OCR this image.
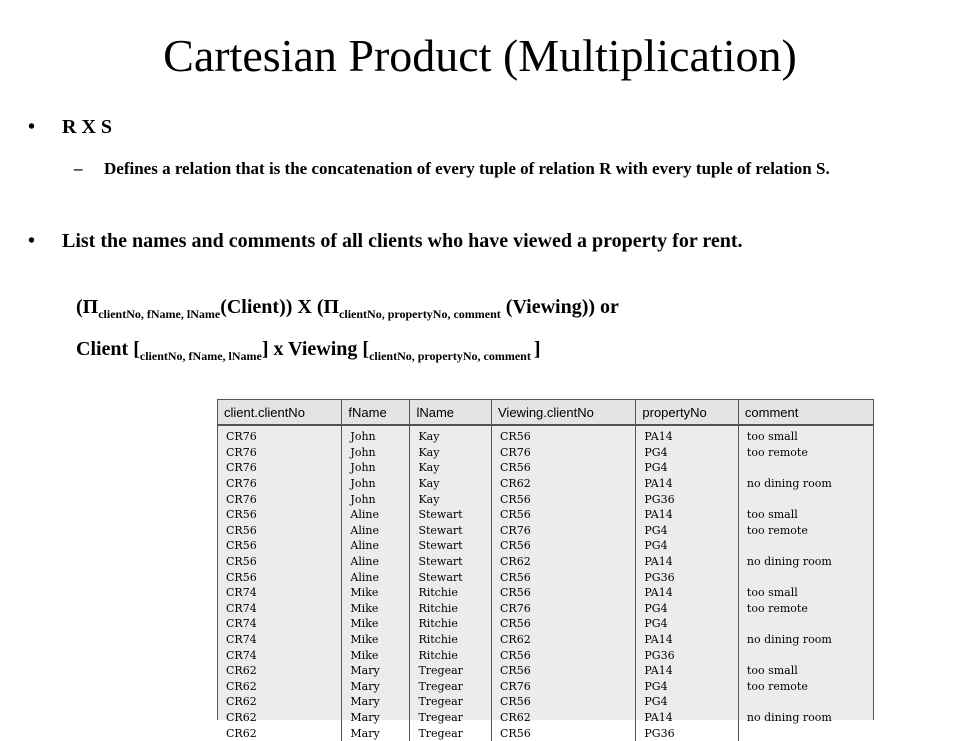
Cartesian Product (Multiplication)
• R X S
– Defines a relation that is the concatenation of every tuple of relation R with every tuple of relation S.
• List the names and comments of all clients who have viewed a property for rent.
$(\Pi_{clientNo, fName, lName}(Client))$ X ($\Pi_{clientNo, propertyNo, comment}$ (Viewing)) or
Client $[_{clientNo, fName, lName}]$ x Viewing [$_{clientNo, propertyNo, comment}$ ]
client.clientNo	fName	lName	Viewing.clientNo	propertyNo	comment
CR76	John	Kay	CR56	PA14	too small
CR76	John	Kay	CR76	PG4	too remote
CR76	John	Kay	CR56	PG4	
CR76	John	Kay	CR62	PA14	no dining room
CR76	John	Kay	CR56	PG36	
CR56	Aline	Stewart	CR56	PA14	too small
CR56	Aline	Stewart	CR76	PG4	too remote
CR56	Aline	Stewart	CR56	PG4	
CR56	Aline	Stewart	CR62	PA14	no dining room
CR56	Aline	Stewart	CR56	PG36	
CR74	Mike	Ritchie	CR56	PA14	too small
CR74	Mike	Ritchie	CR76	PG4	too remote
CR74	Mike	Ritchie	CR56	PG4	
CR74	Mike	Ritchie	CR62	PA14	no dining room
CR74	Mike	Ritchie	CR56	PG36	
CR62	Mary	Tregear	CR56	PA14	too small
CR62	Mary	Tregear	CR76	PG4	too remote
CR62	Mary	Tregear	CR56	PG4	
CR62	Mary	Tregear	CR62	PA14	no dining room
CR62	Mary	Tregear	CR56	PG36	
